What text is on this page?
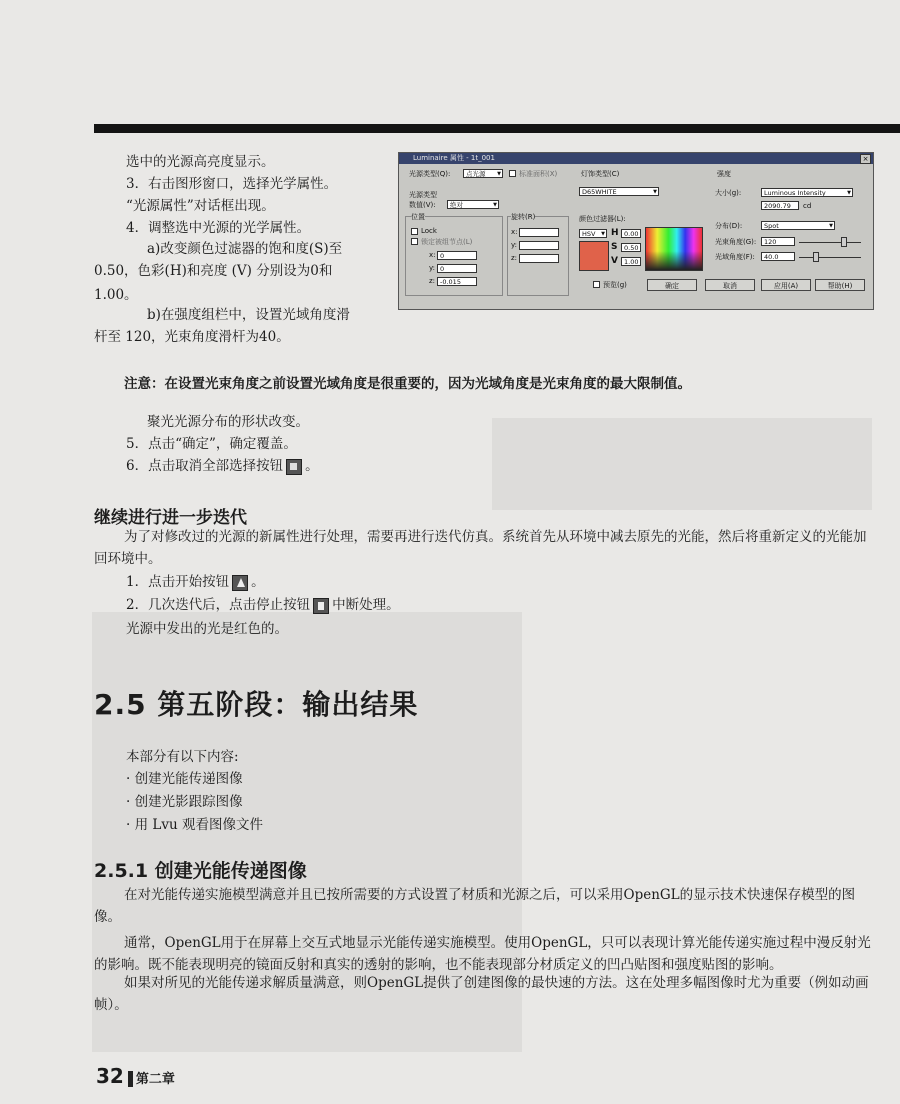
选中的光源高亮度显示。
3．右击图形窗口，选择光学属性。
“光源属性”对话框出现。
4．调整选中光源的光学属性。
a)改变颜色过滤器的饱和度(S)至
0.50，色彩(H)和亮度 (V) 分别设为0和
1.00。
b)在强度组栏中，设置光域角度滑
杆至 120，光束角度滑杆为40。
Luminaire 属性 - 1t_001	×
光源类型(Q):	点光源 ▼	标准面积(X)
光源类型
数值(V):	绝对 ▼
位置
Lock
锁定被组节点(L)
x: 0
y: 0
z: -0.015
旋转(R)
x:
y:
z:
灯饰类型(C)
D65WHITE ▼
颜色过滤器(L):
HSV ▼	H 0.00
S	0.50
V 1.00
预览(g)
强度
大小(g):	Luminous Intensity ▼
2090.79	cd
分布(D):	Spot ▼
光束角度(G):	120
光域角度(F):	40.0
确定	取消	应用(A)	帮助(H)
注意：在设置光束角度之前设置光域角度是很重要的，因为光域角度是光束角度的最大限制值。
聚光光源分布的形状改变。
5．点击“确定”，确定覆盖。
6．点击取消全部选择按钮 。
继续进行进一步迭代
为了对修改过的光源的新属性进行处理，需要再进行迭代仿真。系统首先从环境中减去原先的光能，然后将重新定义的光能加回环境中。
1．点击开始按钮 。
2．几次迭代后，点击停止按钮 中断处理。
光源中发出的光是红色的。
2.5 第五阶段：输出结果
本部分有以下内容:
· 创建光能传递图像
· 创建光影跟踪图像
· 用 Lvu 观看图像文件
2.5.1 创建光能传递图像
在对光能传递实施模型满意并且已按所需要的方式设置了材质和光源之后，可以采用OpenGL的显示技术快速保存模型的图像。
通常，OpenGL用于在屏幕上交互式地显示光能传递实施模型。使用OpenGL，只可以表现计算光能传递实施过程中漫反射光的影响。既不能表现明亮的镜面反射和真实的透射的影响，也不能表现部分材质定义的凹凸贴图和强度贴图的影响。
如果对所见的光能传递求解质量满意，则OpenGL提供了创建图像的最快速的方法。这在处理多幅图像时尤为重要（例如动画帧）。
32 第二章
